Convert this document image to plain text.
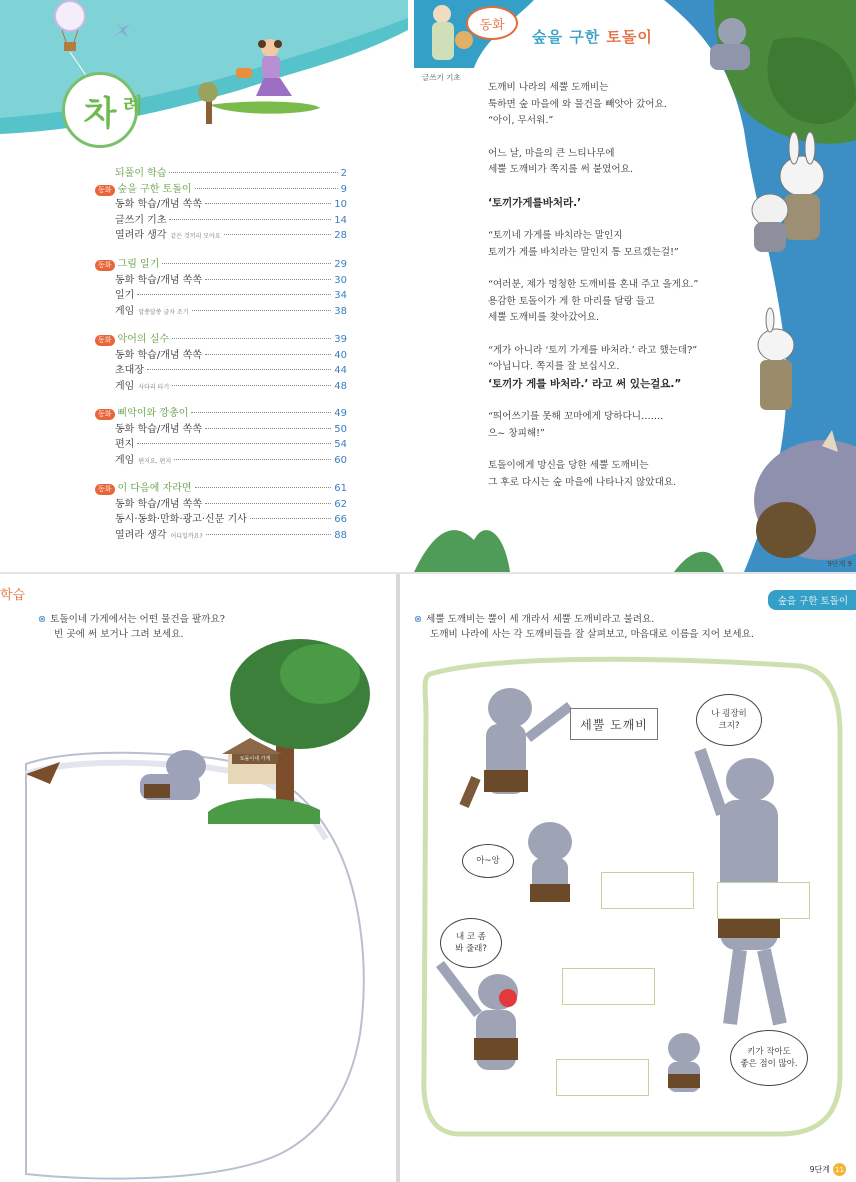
차 례
되풀이 학습	2
동화 숲을 구한 토돌이	9
동화 학습/개념 쏙쏙	10
글쓰기 기초	14
열려라 생각 같은 것끼리 모아요	28
동화 그림 일기	29
동화 학습/개념 쏙쏙	30
일기	34
게임 알쏭달쏭 글자 조기	38
동화 악어의 실수	39
동화 학습/개념 쏙쏙	40
초대장	44
게임 사다리 타기	48
동화 삐악이와 깡총이	49
동화 학습/개념 쏙쏙	50
편지	54
게임 편지요, 편지	60
동화 이 다음에 자라면	61
동화 학습/개념 쏙쏙	62
동시·동화·만화·광고·신문 기사	66
열려라 생각 어디일까요?	88
동화
숲을 구한 토돌이
글쓰기 기초

도깨비 나라의 세뿔 도깨비는
툭하면 숲 마을에 와 물건을 빼앗아 갔어요.
“아이, 무서워.”

어느 날, 마을의 큰 느티나무에
세뿔 도깨비가 쪽지를 써 붙였어요.

‘토끼가게를바처라.’

“토끼네 가게를 바치라는 말인지
토끼가 게를 바치라는 말인지 통 모르겠는걸!”

“여러분, 제가 멍청한 도깨비를 혼내 주고 올게요.”
용감한 토돌이가 게 한 마리를 달랑 들고
세뿔 도깨비를 찾아갔어요.

“게가 아니라 ‘토끼 가게를 바처라.’ 라고 했는데?”
“아닙니다. 쪽지를 잘 보십시오.
‘토끼가 게를 바처라.’ 라고 써 있는걸요.”

“띄어쓰기를 못해 꼬마에게 당하다니…….
으~ 창피해!”

토돌이에게 망신을 당한 세뿔 도깨비는
그 후로 다시는 숲 마을에 나타나지 않았대요.

9단계 9
학습
⊗ 토돌이네 가게에서는 어떤 물건을 팔까요?
빈 곳에 써 보거나 그려 보세요.
토돌이네 가게
숲을 구한 토돌이
⊗ 세뿔 도깨비는 뿔이 세 개라서 세뿔 도깨비라고 불려요.
도깨비 나라에 사는 각 도깨비들을 잘 살펴보고, 마음대로 이름을 지어 보세요.
세뿔 도깨비
나 굉장히
크지?
아~앙
내 코 좀
봐 줄래?
키가 작아도
좋은 점이 많아.
9단계 11
